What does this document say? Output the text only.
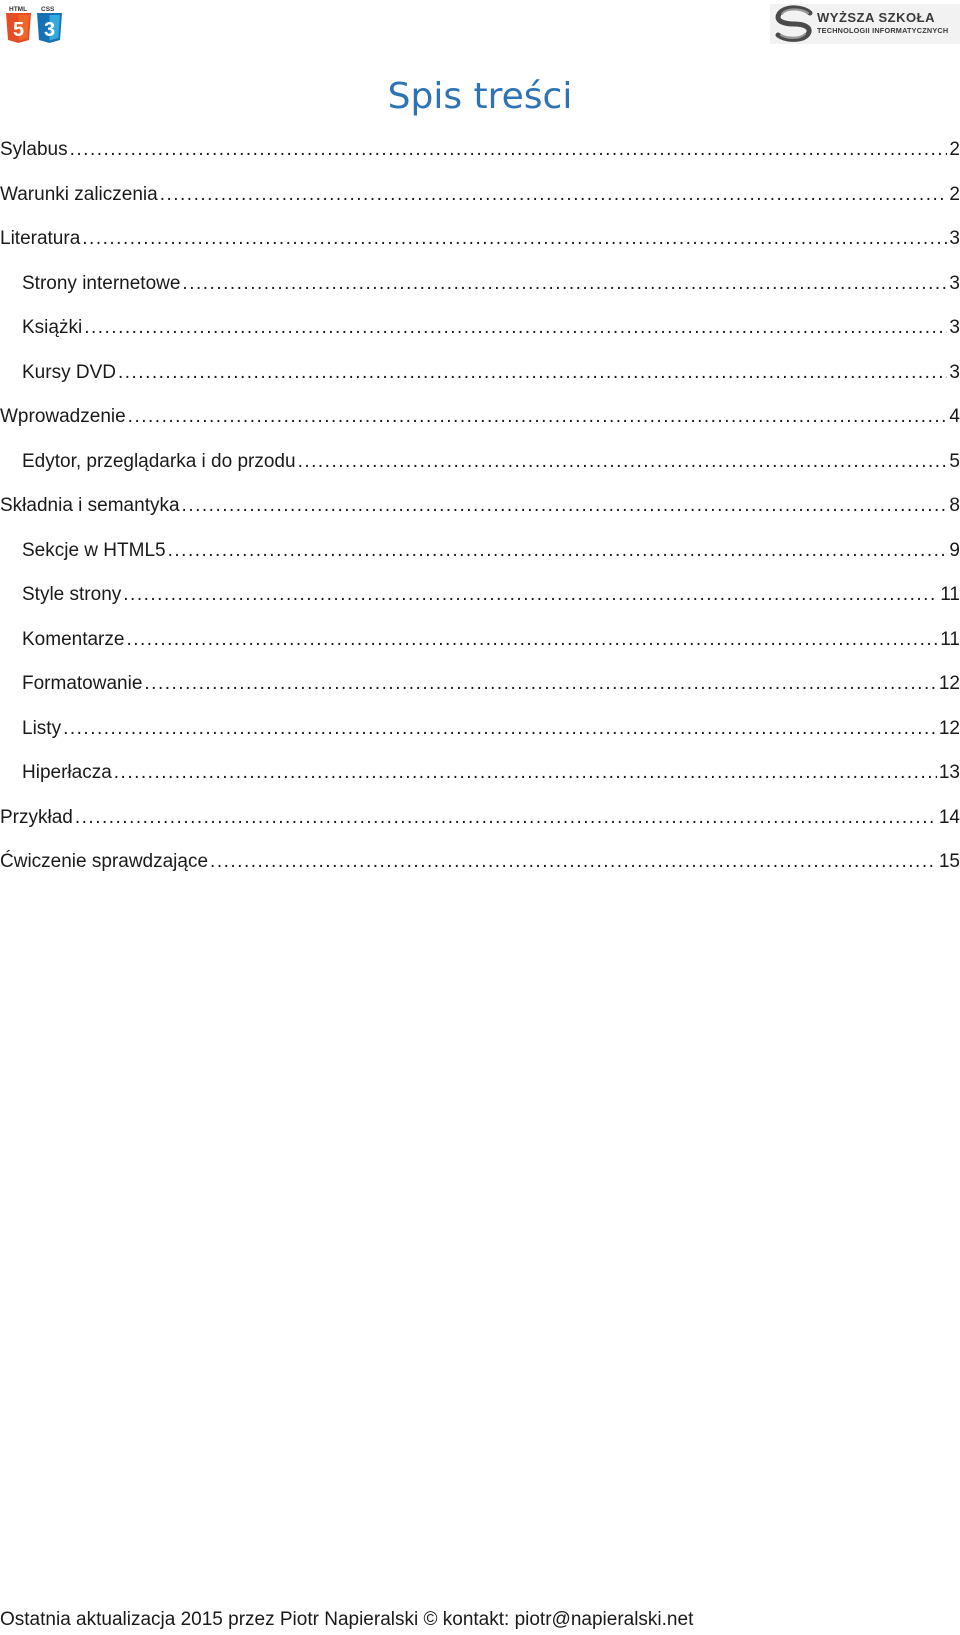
HTML CSS
5 3
WYŻSZA SZKOŁA
TECHNOLOGII INFORMATYCZNYCH
Spis treści
Sylabus .....	2
Warunki zaliczenia .....	2
Literatura .....	3
Strony internetowe .....	3
Książki .....	3
Kursy DVD .....	3
Wprowadzenie .....	4
Edytor, przeglądarka i do przodu .....	5
Składnia i semantyka .....	8
Sekcje w HTML5 .....	9
Style strony .....	11
Komentarze .....	11
Formatowanie .....	12
Listy .....	12
Hiperłacza .....	13
Przykład .....	14
Ćwiczenie sprawdzające .....	15
Ostatnia aktualizacja 2015 przez Piotr Napieralski © kontakt: piotr@napieralski.net
